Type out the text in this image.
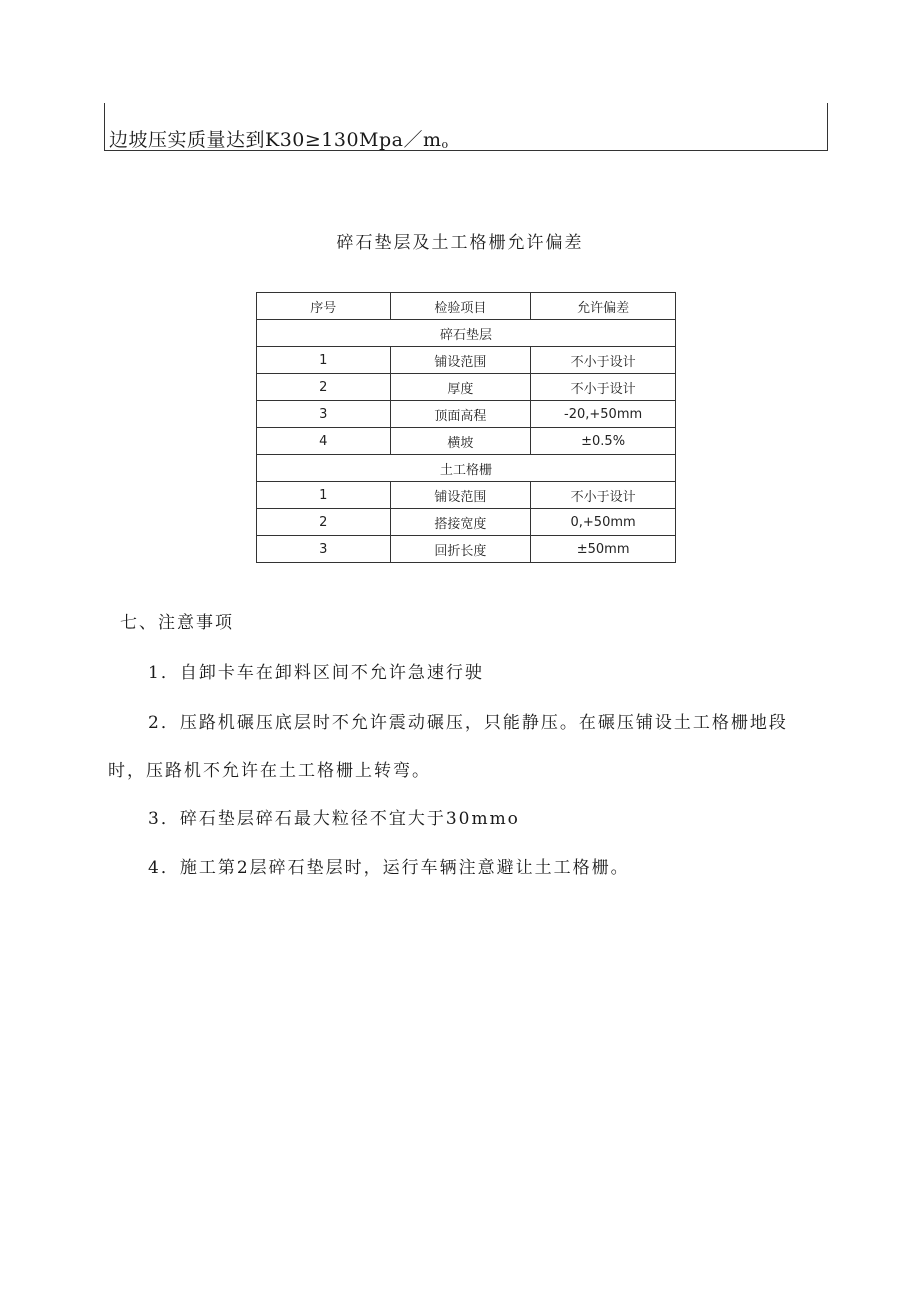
边坡压实质量达到K30≥130Mpa／mo
碎石垫层及土工格栅允许偏差
序号	检验项目	允许偏差
碎石垫层		
1	铺设范围	不小于设计
2	厚度	不小于设计
3	顶面高程	-20,+50mm
4	横坡	±0.5%
土工格栅		
1	铺设范围	不小于设计
2	搭接宽度	0,+50mm
3	回折长度	±50mm
七、注意事项
1．自卸卡车在卸料区间不允许急速行驶
2．压路机碾压底层时不允许震动碾压，只能静压。在碾压铺设土工格栅地段
时，压路机不允许在土工格栅上转弯。
3．碎石垫层碎石最大粒径不宜大于30mmo
4．施工第2层碎石垫层时，运行车辆注意避让土工格栅。
